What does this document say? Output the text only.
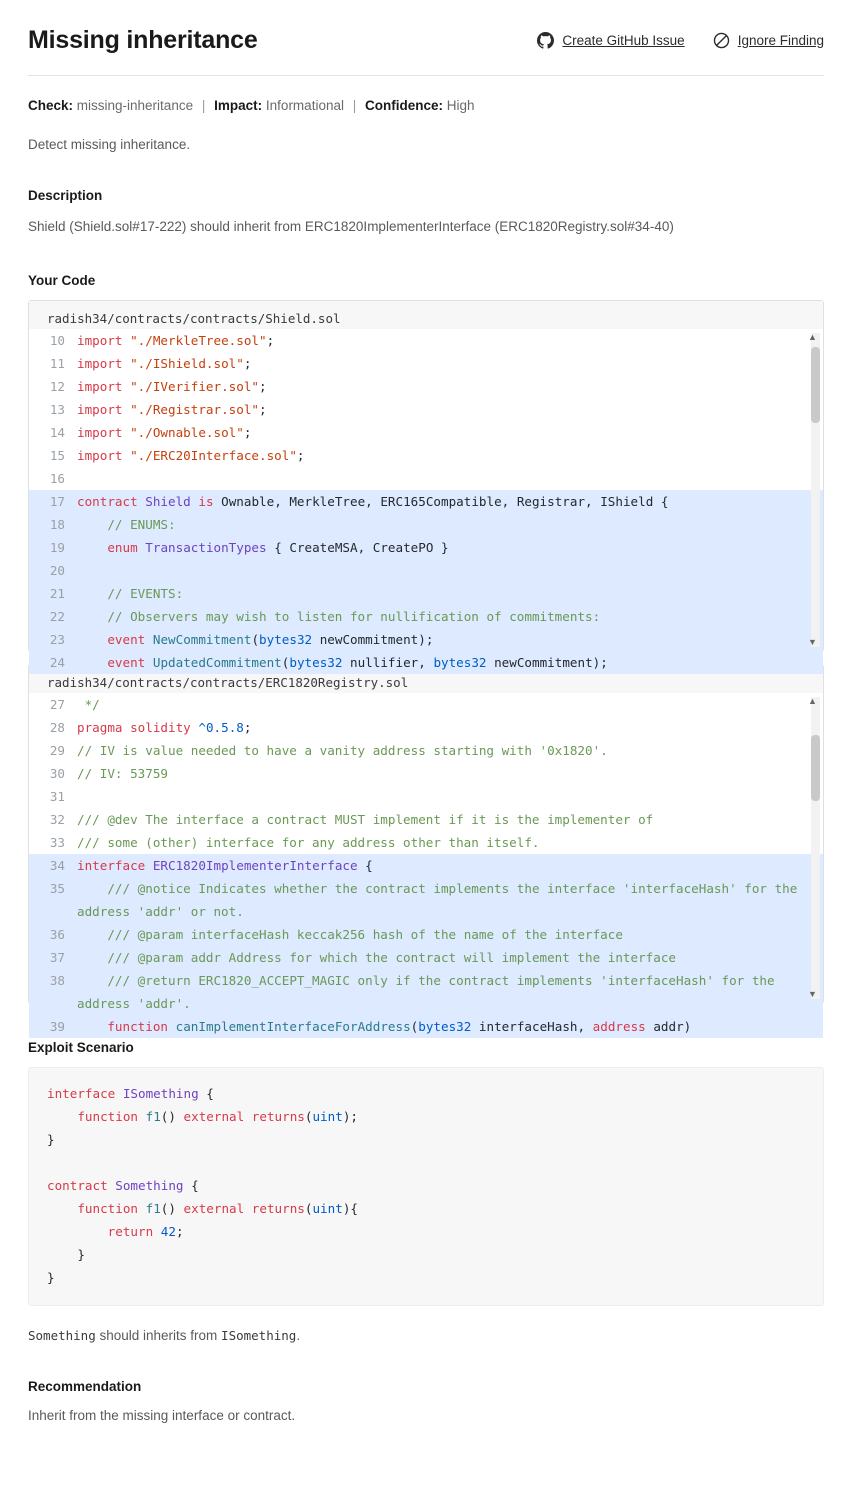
Missing inheritance	Create GitHub Issue	Ignore Finding
Check: missing-inheritance | Impact: Informational | Confidence: High
Detect missing inheritance.
Description
Shield (Shield.sol#17-222) should inherit from ERC1820ImplementerInterface (ERC1820Registry.sol#34-40)
Your Code
radish34/contracts/contracts/Shield.sol
10 import "./MerkleTree.sol";
11 import "./IShield.sol";
12 import "./IVerifier.sol";
13 import "./Registrar.sol";
14 import "./Ownable.sol";
15 import "./ERC20Interface.sol";
16
17 contract Shield is Ownable, MerkleTree, ERC165Compatible, Registrar, IShield {
18 // ENUMS:
19	enum TransactionTypes { CreateMSA, CreatePO }
20
21 // EVENTS:
22 // Observers may wish to listen for nullification of commitments:
23	event NewCommitment(bytes32 newCommitment);
24	event UpdatedCommitment(bytes32 nullifier, bytes32 newCommitment);
▲
▼
radish34/contracts/contracts/ERC1820Registry.sol
27 */
28 pragma solidity ^0.5.8;
29 // IV is value needed to have a vanity address starting with '0x1820'.
30 // IV: 53759
31
32 /// @dev The interface a contract MUST implement if it is the implementer of
33 /// some (other) interface for any address other than itself.
34 interface ERC1820ImplementerInterface {
35 /// @notice Indicates whether the contract implements the interface 'interfaceHash' for the address 'addr' or not.
36 /// @param interfaceHash keccak256 hash of the name of the interface
37 /// @param addr Address for which the contract will implement the interface
38 /// @return ERC1820_ACCEPT_MAGIC only if the contract implements 'interfaceHash' for the address 'addr'.
39	function canImplementInterfaceForAddress(bytes32 interfaceHash, address addr)
▲
▼
Exploit Scenario
interface ISomething {
function f1() external returns(uint);
}

contract Something {
function f1() external returns(uint){
return 42;
}
}
Something should inherits from ISomething.
Recommendation
Inherit from the missing interface or contract.
